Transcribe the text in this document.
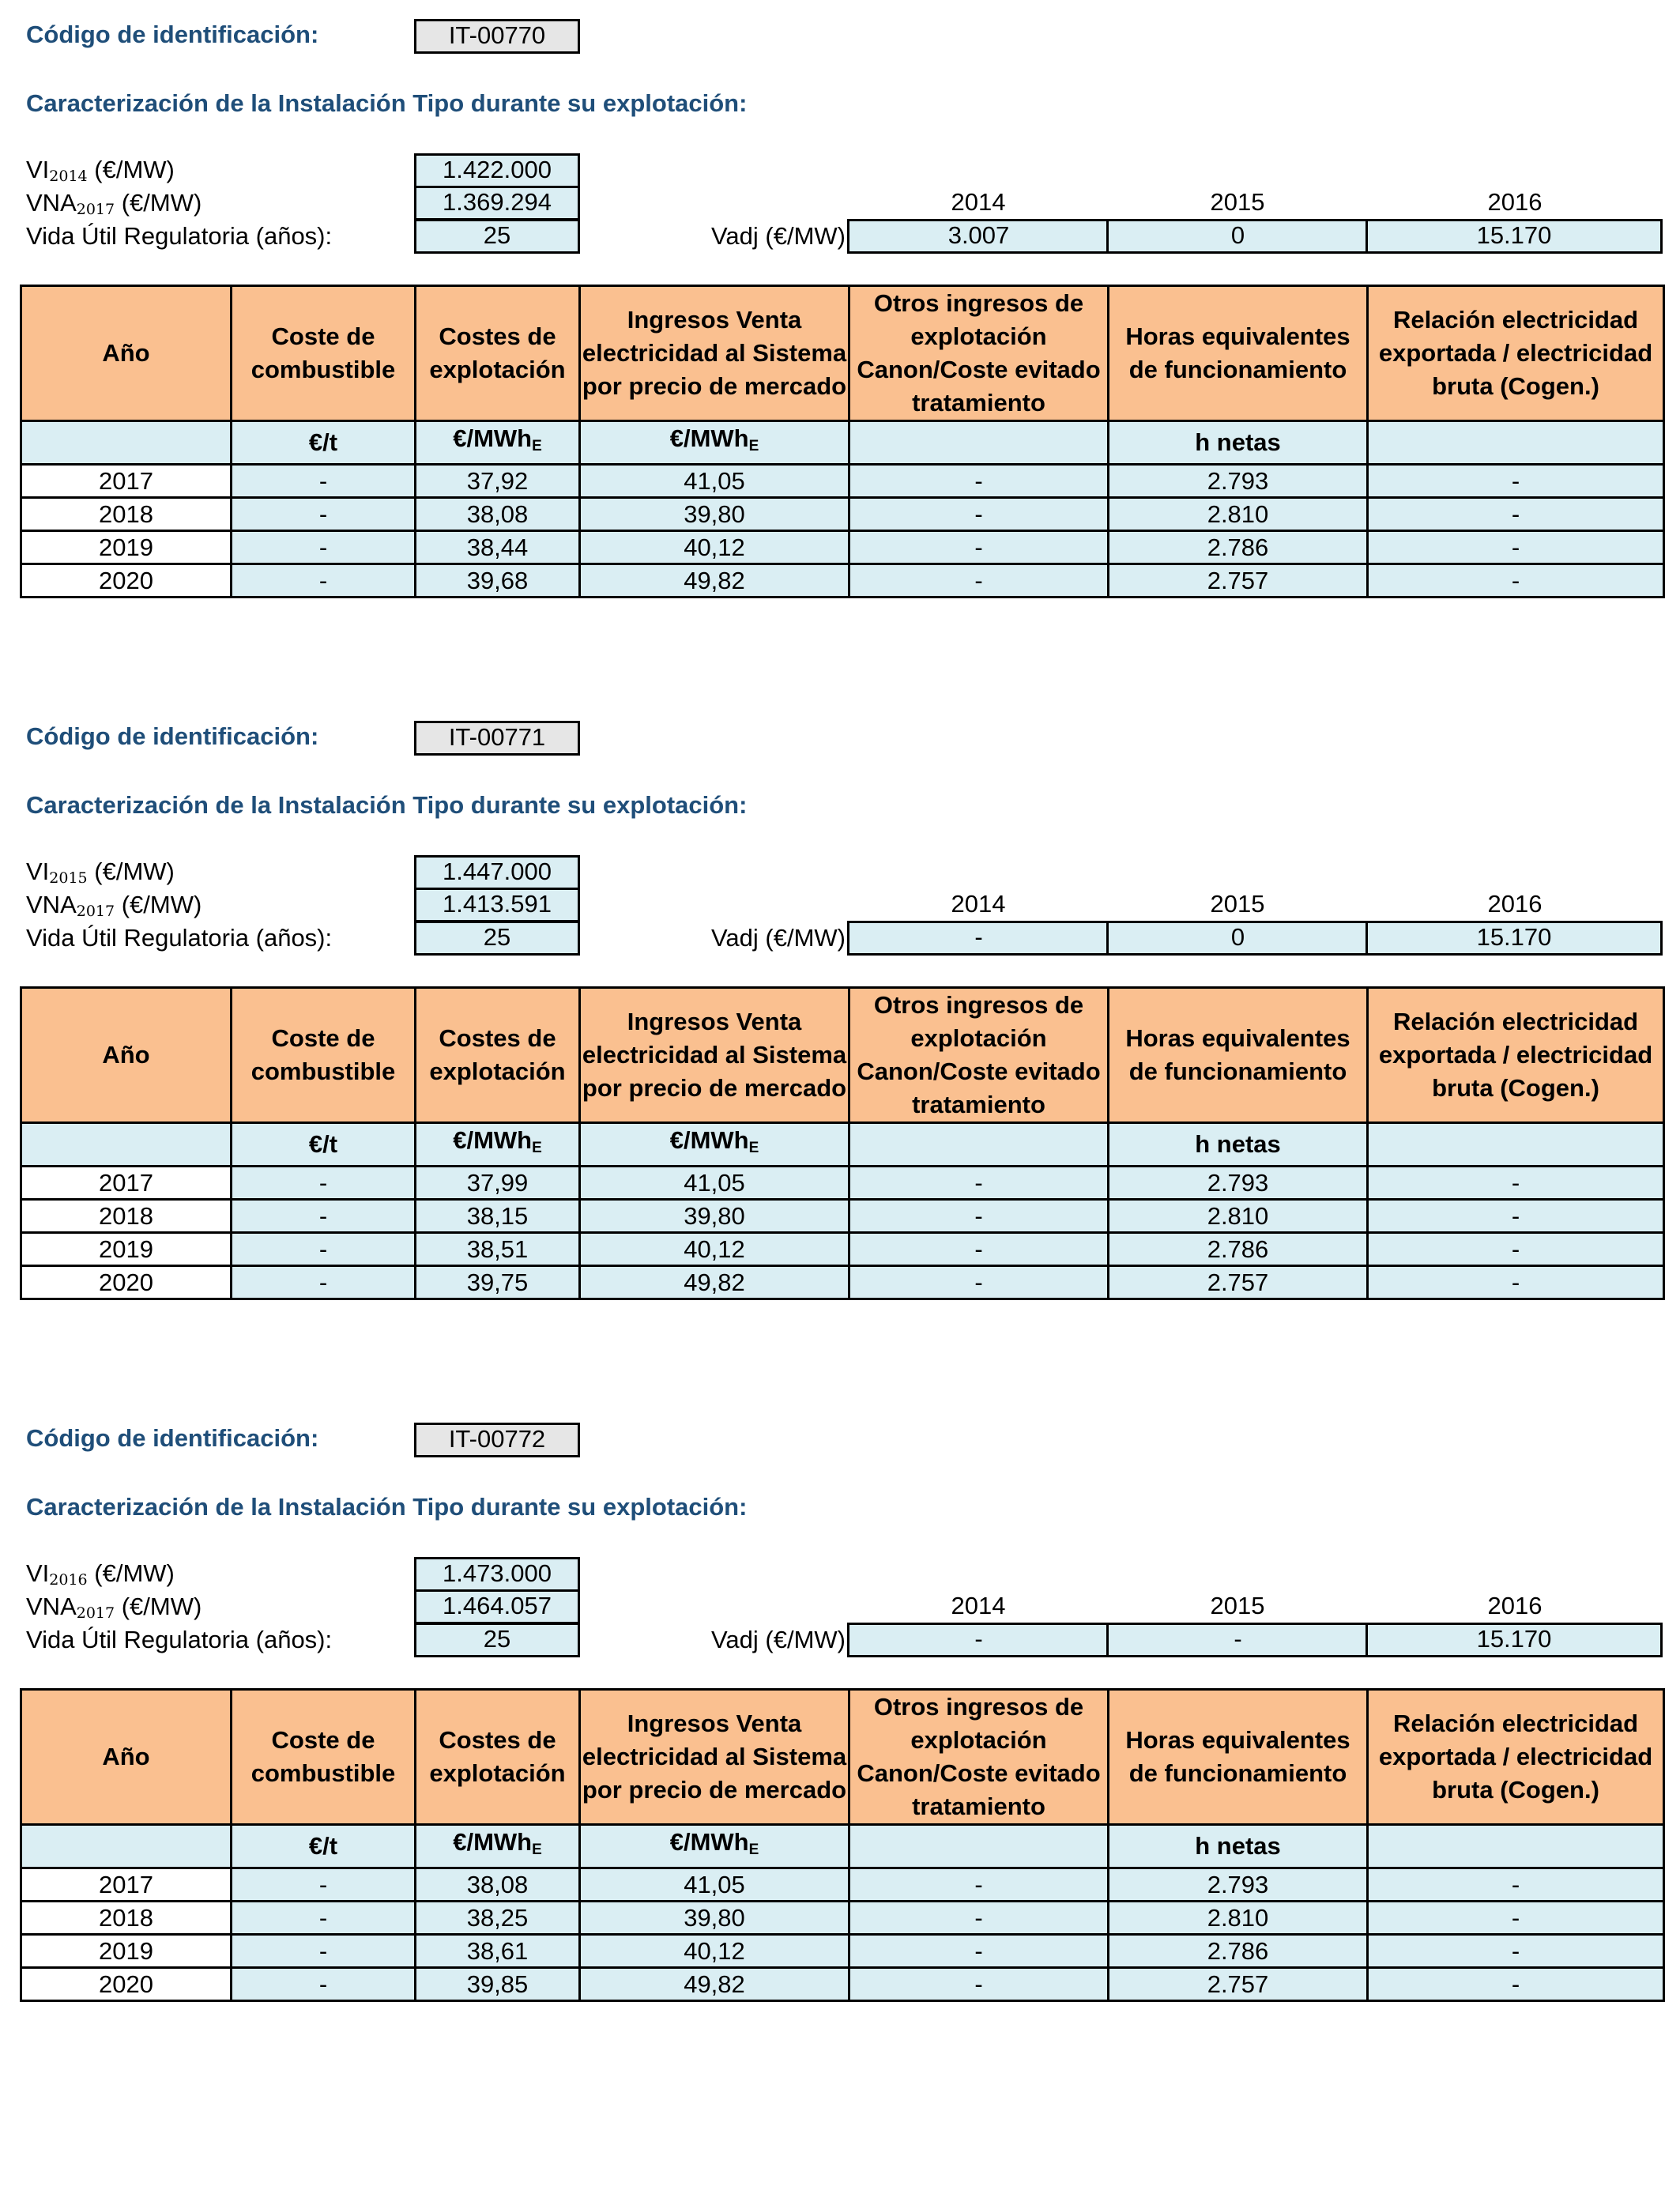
Código de identificación:	IT-00770
Caracterización de la Instalación Tipo durante su explotación:
$VI_{2014}$ (€/MW)	1.422.000
$VNA_{2017}$ (€/MW)	1.369.294
Vida Útil Regulatoria (años):	25
2014	2015	2016
Vadj (€/MW)	3.007	0	15.170
Año	Coste de combustible	Costes de explotación	Ingresos Venta electricidad al Sistema por precio de mercado	Otros ingresos de explotación Canon/Coste evitado tratamiento	Horas equivalentes de funcionamiento	Relación electricidad exportada / electricidad bruta (Cogen.)
	€/t	€/MWhE	€/MWhE		h netas	
2017	-	37,92	41,05	-	2.793	-
2018	-	38,08	39,80	-	2.810	-
2019	-	38,44	40,12	-	2.786	-
2020	-	39,68	49,82	-	2.757	-
Código de identificación:	IT-00771
Caracterización de la Instalación Tipo durante su explotación:
$VI_{2015}$ (€/MW)	1.447.000
$VNA_{2017}$ (€/MW)	1.413.591
Vida Útil Regulatoria (años):	25
2014	2015	2016
Vadj (€/MW)	-	0	15.170
Año	Coste de combustible	Costes de explotación	Ingresos Venta electricidad al Sistema por precio de mercado	Otros ingresos de explotación Canon/Coste evitado tratamiento	Horas equivalentes de funcionamiento	Relación electricidad exportada / electricidad bruta (Cogen.)
	€/t	€/MWhE	€/MWhE		h netas	
2017	-	37,99	41,05	-	2.793	-
2018	-	38,15	39,80	-	2.810	-
2019	-	38,51	40,12	-	2.786	-
2020	-	39,75	49,82	-	2.757	-
Código de identificación:	IT-00772
Caracterización de la Instalación Tipo durante su explotación:
$VI_{2016}$ (€/MW)	1.473.000
$VNA_{2017}$ (€/MW)	1.464.057
Vida Útil Regulatoria (años):	25
2014	2015	2016
Vadj (€/MW)	-	-	15.170
Año	Coste de combustible	Costes de explotación	Ingresos Venta electricidad al Sistema por precio de mercado	Otros ingresos de explotación Canon/Coste evitado tratamiento	Horas equivalentes de funcionamiento	Relación electricidad exportada / electricidad bruta (Cogen.)
	€/t	€/MWhE	€/MWhE		h netas	
2017	-	38,08	41,05	-	2.793	-
2018	-	38,25	39,80	-	2.810	-
2019	-	38,61	40,12	-	2.786	-
2020	-	39,85	49,82	-	2.757	-
